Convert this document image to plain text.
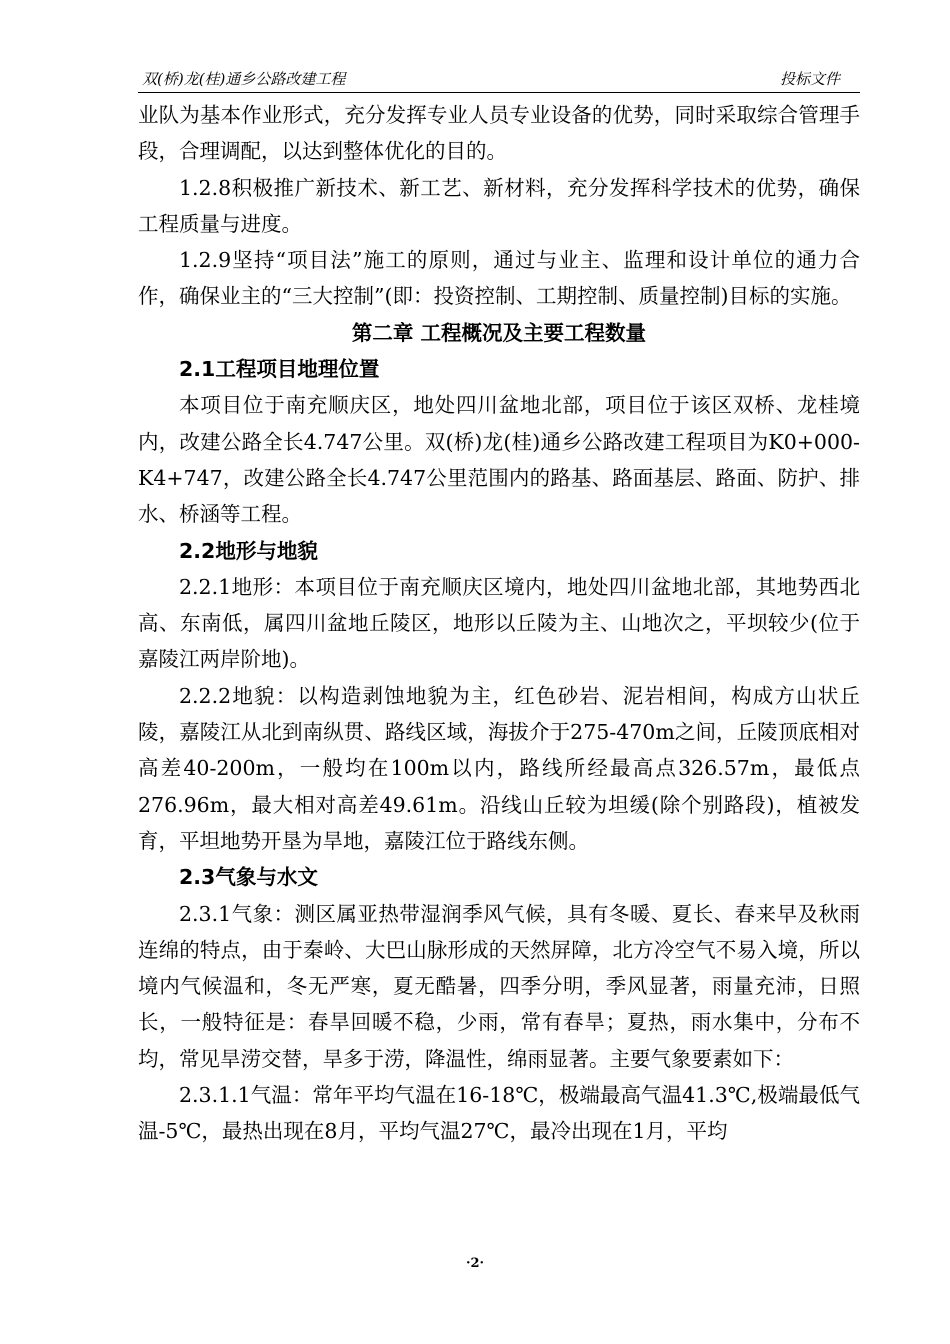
双(桥)龙(桂)通乡公路改建工程	投标文件

业队为基本作业形式，充分发挥专业人员专业设备的优势，同时采取综合管理手段，合理调配，以达到整体优化的目的。

1.2.8积极推广新技术、新工艺、新材料，充分发挥科学技术的优势，确保工程质量与进度。

1.2.9坚持“项目法”施工的原则，通过与业主、监理和设计单位的通力合作，确保业主的“三大控制”(即：投资控制、工期控制、质量控制)目标的实施。

第二章 工程概况及主要工程数量

2.1工程项目地理位置

本项目位于南充顺庆区，地处四川盆地北部，项目位于该区双桥、龙桂境内，改建公路全长4.747公里。双(桥)龙(桂)通乡公路改建工程项目为K0+000-K4+747，改建公路全长4.747公里范围内的路基、路面基层、路面、防护、排水、桥涵等工程。

2.2地形与地貌

2.2.1地形：本项目位于南充顺庆区境内，地处四川盆地北部，其地势西北高、东南低，属四川盆地丘陵区，地形以丘陵为主、山地次之，平坝较少(位于嘉陵江两岸阶地)。

2.2.2地貌：以构造剥蚀地貌为主，红色砂岩、泥岩相间，构成方山状丘陵，嘉陵江从北到南纵贯、路线区域，海拔介于275-470m之间，丘陵顶底相对高差40-200m，一般均在100m以内，路线所经最高点326.57m，最低点276.96m，最大相对高差49.61m。沿线山丘较为坦缓(除个别路段)，植被发育，平坦地势开垦为旱地，嘉陵江位于路线东侧。

2.3气象与水文

2.3.1气象：测区属亚热带湿润季风气候，具有冬暖、夏长、春来早及秋雨连绵的特点，由于秦岭、大巴山脉形成的天然屏障，北方冷空气不易入境，所以境内气候温和，冬无严寒，夏无酷暑，四季分明，季风显著，雨量充沛，日照长，一般特征是：春旱回暖不稳，少雨，常有春旱；夏热，雨水集中，分布不均，常见旱涝交替，旱多于涝，降温性，绵雨显著。主要气象要素如下：

2.3.1.1气温：常年平均气温在16-18℃，极端最高气温41.3℃,极端最低气温-5℃，最热出现在8月，平均气温27℃，最冷出现在1月，平均

·2·
